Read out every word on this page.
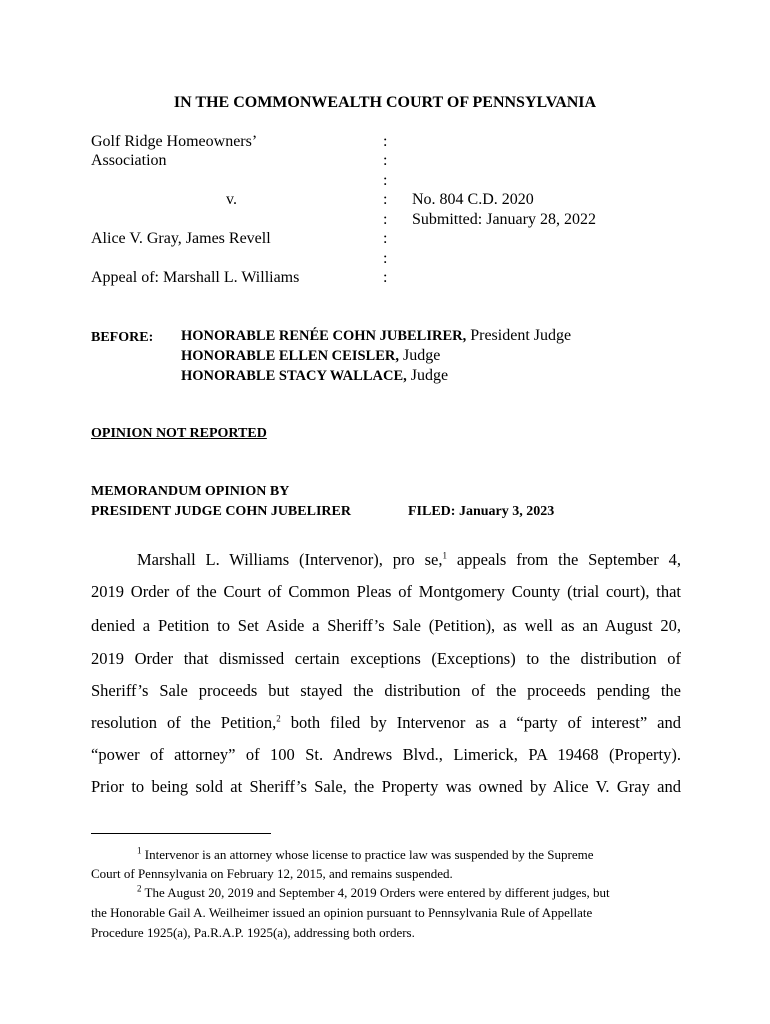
IN THE COMMONWEALTH COURT OF PENNSYLVANIA
Golf Ridge Homeowners’
Association
v.
Alice V. Gray, James Revell
Appeal of: Marshall L. Williams
:
:
:
:
:
:
:
:
No. 804 C.D. 2020
Submitted: January 28, 2022
BEFORE: HONORABLE RENÉE COHN JUBELIRER, President Judge
HONORABLE ELLEN CEISLER, Judge
HONORABLE STACY WALLACE, Judge
OPINION NOT REPORTED
MEMORANDUM OPINION BY
PRESIDENT JUDGE COHN JUBELIRER	FILED: January 3, 2023
Marshall L. Williams (Intervenor), pro se,$^1$ appeals from the September 4,
2019 Order of the Court of Common Pleas of Montgomery County (trial court), that
denied a Petition to Set Aside a Sheriff’s Sale (Petition), as well as an August 20,
2019 Order that dismissed certain exceptions (Exceptions) to the distribution of
Sheriff’s Sale proceeds but stayed the distribution of the proceeds pending the
resolution of the Petition,$^2$ both filed by Intervenor as a “party of interest” and
“power of attorney” of 100 St. Andrews Blvd., Limerick, PA 19468 (Property).
Prior to being sold at Sheriff’s Sale, the Property was owned by Alice V. Gray and
$^1$ Intervenor is an attorney whose license to practice law was suspended by the Supreme
Court of Pennsylvania on February 12, 2015, and remains suspended.
$^2$ The August 20, 2019 and September 4, 2019 Orders were entered by different judges, but
the Honorable Gail A. Weilheimer issued an opinion pursuant to Pennsylvania Rule of Appellate
Procedure 1925(a), Pa.R.A.P. 1925(a), addressing both orders.
